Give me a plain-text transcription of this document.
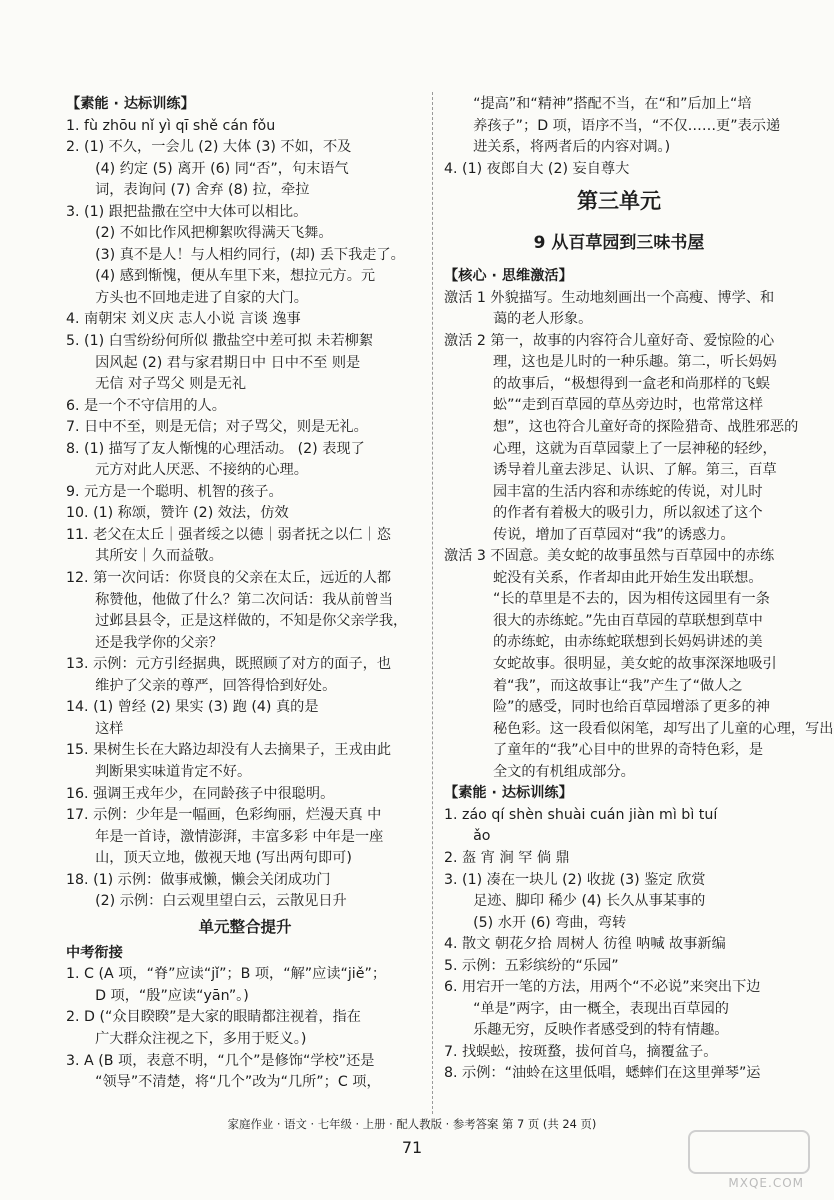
【素能 · 达标训练】
1. fù zhōu nǐ yì qī shě cán fǒu
2. (1) 不久，一会儿 (2) 大体 (3) 不如，不及
(4) 约定 (5) 离开 (6) 同“否”，句末语气
词，表询问 (7) 舍弃 (8) 拉，牵拉
3. (1) 跟把盐撒在空中大体可以相比。
(2) 不如比作风把柳絮吹得满天飞舞。
(3) 真不是人！与人相约同行，(却) 丢下我走了。
(4) 感到惭愧，便从车里下来，想拉元方。元
方头也不回地走进了自家的大门。
4. 南朝宋 刘义庆 志人小说 言谈 逸事
5. (1) 白雪纷纷何所似 撒盐空中差可拟 未若柳絮
因风起 (2) 君与家君期日中 日中不至 则是
无信 对子骂父 则是无礼
6. 是一个不守信用的人。
7. 日中不至，则是无信；对子骂父，则是无礼。
8. (1) 描写了友人惭愧的心理活动。 (2) 表现了
元方对此人厌恶、不接纳的心理。
9. 元方是一个聪明、机智的孩子。
10. (1) 称颂，赞许 (2) 效法，仿效
11. 老父在太丘｜强者绥之以德｜弱者抚之以仁｜恣
其所安｜久而益敬。
12. 第一次问话：你贤良的父亲在太丘，远近的人都
称赞他，他做了什么？第二次问话：我从前曾当
过邺县县令，正是这样做的，不知是你父亲学我，
还是我学你的父亲？
13. 示例：元方引经据典，既照顾了对方的面子，也
维护了父亲的尊严，回答得恰到好处。
14. (1) 曾经 (2) 果实 (3) 跑 (4) 真的是
这样
15. 果树生长在大路边却没有人去摘果子，王戎由此
判断果实味道肯定不好。
16. 强调王戎年少，在同龄孩子中很聪明。
17. 示例：少年是一幅画，色彩绚丽，烂漫天真 中
年是一首诗，激情澎湃，丰富多彩 中年是一座
山，顶天立地，傲视天地 (写出两句即可)
18. (1) 示例：做事戒懒，懒会关闭成功门
(2) 示例：白云观里望白云，云散见日升
单元整合提升
中考衔接
1. C (A 项，“脊”应读“jǐ”；B 项，“解”应读“jiě”；
D 项，“殷”应读“yān”。)
2. D (“众目睽睽”是大家的眼睛都注视着，指在
广大群众注视之下，多用于贬义。)
3. A (B 项，表意不明，“几个”是修饰“学校”还是
“领导”不清楚，将“几个”改为“几所”；C 项，
“提高”和“精神”搭配不当，在“和”后加上“培
养孩子”；D 项，语序不当，“不仅……更”表示递
进关系，将两者后的内容对调。)
4. (1) 夜郎自大 (2) 妄自尊大
第三单元
9 从百草园到三味书屋
【核心 · 思维激活】
激活 1 外貌描写。生动地刻画出一个高瘦、博学、和
蔼的老人形象。
激活 2 第一，故事的内容符合儿童好奇、爱惊险的心
理，这也是儿时的一种乐趣。第二，听长妈妈
的故事后，“极想得到一盒老和尚那样的飞蜈
蚣”“走到百草园的草丛旁边时，也常常这样
想”，这也符合儿童好奇的探险猎奇、战胜邪恶的
心理，这就为百草园蒙上了一层神秘的轻纱，
诱导着儿童去涉足、认识、了解。第三，百草
园丰富的生活内容和赤练蛇的传说，对儿时
的作者有着极大的吸引力，所以叙述了这个
传说，增加了百草园对“我”的诱惑力。
激活 3 不固意。美女蛇的故事虽然与百草园中的赤练
蛇没有关系，作者却由此开始生发出联想。
“长的草里是不去的，因为相传这园里有一条
很大的赤练蛇。”先由百草园的草联想到草中
的赤练蛇，由赤练蛇联想到长妈妈讲述的美
女蛇故事。很明显，美女蛇的故事深深地吸引
着“我”，而这故事让“我”产生了“做人之
险”的感受，同时也给百草园增添了更多的神
秘色彩。这一段看似闲笔，却写出了儿童的心理，写出
了童年的“我”心目中的世界的奇特色彩，是
全文的有机组成部分。
【素能 · 达标训练】
1. záo qí shèn shuài cuán jiàn mì bì tuí
ǎo
2. 盔 宵 涧 罕 倘 鼎
3. (1) 凑在一块儿 (2) 收拢 (3) 鉴定 欣赏
足迹、脚印 稀少 (4) 长久从事某事的
(5) 水开 (6) 弯曲，弯转
4. 散文 朝花夕拾 周树人 彷徨 呐喊 故事新编
5. 示例：五彩缤纷的“乐园”
6. 用宕开一笔的方法，用两个“不必说”来突出下边
“单是”两字，由一概全，表现出百草园的
乐趣无穷，反映作者感受到的特有情趣。
7. 找蜈蚣，按斑蝥，拔何首乌，摘覆盆子。
8. 示例：“油蛉在这里低唱，蟋蟀们在这里弹琴”运
家庭作业 · 语文 · 七年级 · 上册 · 配人教版 · 参考答案 第 7 页 (共 24 页)
71
MXQE.COM
